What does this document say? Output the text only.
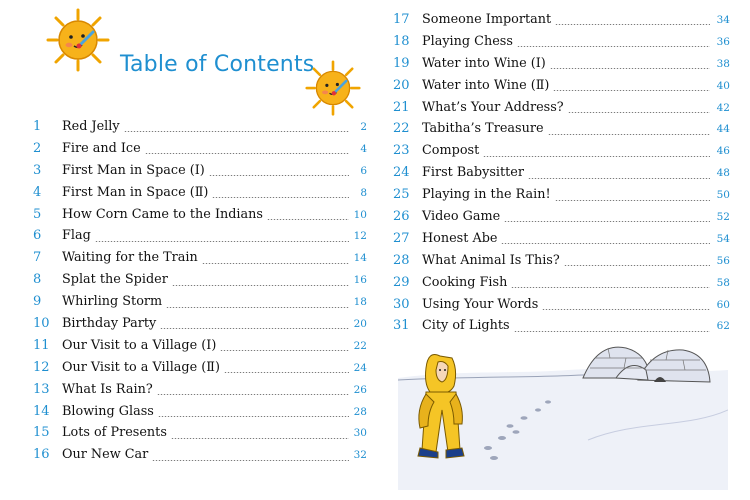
Table of Contents
1	Red Jelly	2
2	Fire and Ice	4
3	First Man in Space (Ⅰ)	6
4	First Man in Space (Ⅱ)	8
5	How Corn Came to the Indians	10
6	Flag	12
7	Waiting for the Train	14
8	Splat the Spider	16
9	Whirling Storm	18
10 Birthday Party	20
11 Our Visit to a Village (Ⅰ)	22
12 Our Visit to a Village (Ⅱ)	24
13 What Is Rain?	26
14 Blowing Glass	28
15 Lots of Presents	30
16 Our New Car	32
17 Someone Important	34
18 Playing Chess	36
19 Water into Wine (Ⅰ)	38
20 Water into Wine (Ⅱ)	40
21 What’s Your Address?	42
22 Tabitha’s Treasure	44
23 Compost	46
24 First Babysitter	48
25 Playing in the Rain!	50
26 Video Game	52
27 Honest Abe	54
28 What Animal Is This?	56
29 Cooking Fish	58
30 Using Your Words	60
31 City of Lights	62
